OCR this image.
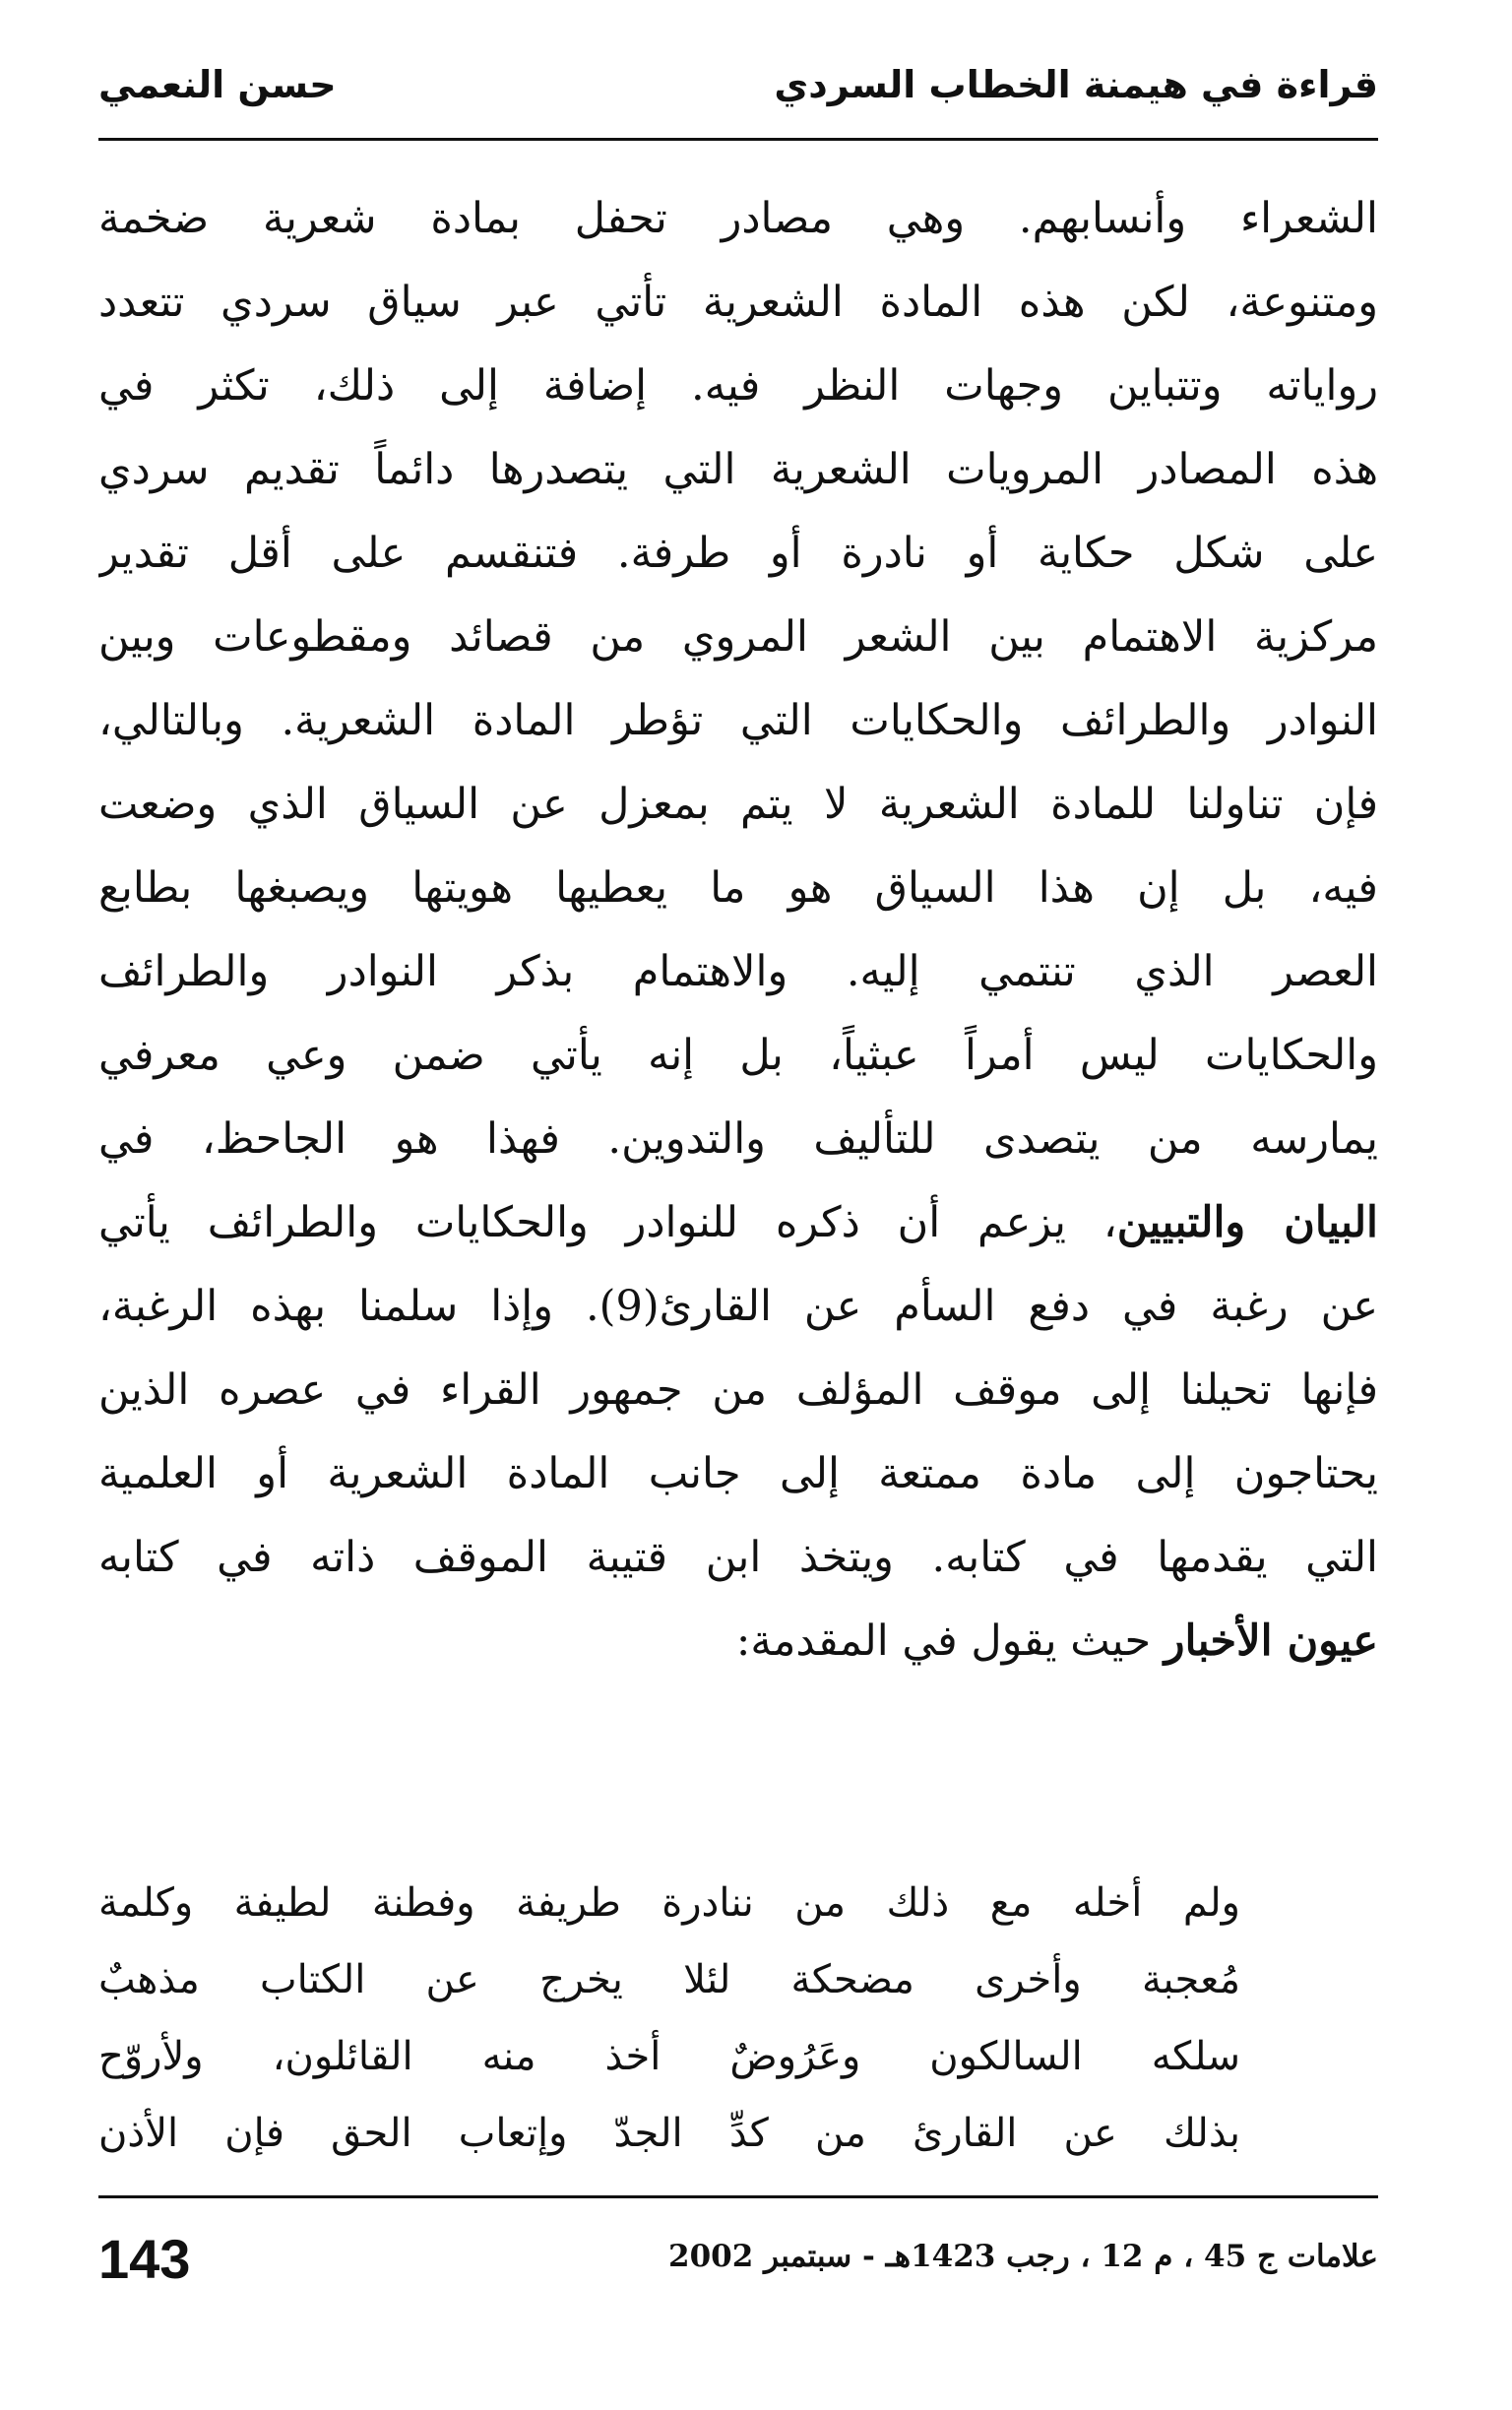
قراءة في هيمنة الخطاب السردي
حسن النعمي
الشعراء وأنسابهم. وهي مصادر تحفل بمادة شعرية ضخمة
ومتنوعة، لكن هذه المادة الشعرية تأتي عبر سياق سردي تتعدد
رواياته وتتباين وجهات النظر فيه. إضافة إلى ذلك، تكثر في
هذه المصادر المرويات الشعرية التي يتصدرها دائماً تقديم سردي
على شكل حكاية أو نادرة أو طرفة. فتنقسم على أقل تقدير
مركزية الاهتمام بين الشعر المروي من قصائد ومقطوعات وبين
النوادر والطرائف والحكايات التي تؤطر المادة الشعرية. وبالتالي،
فإن تناولنا للمادة الشعرية لا يتم بمعزل عن السياق الذي وضعت
فيه، بل إن هذا السياق هو ما يعطيها هويتها ويصبغها بطابع
العصر الذي تنتمي إليه. والاهتمام بذكر النوادر والطرائف
والحكايات ليس أمراً عبثياً، بل إنه يأتي ضمن وعي معرفي
يمارسه من يتصدى للتأليف والتدوين. فهذا هو الجاحظ، في
البيان والتبيين، يزعم أن ذكره للنوادر والحكايات والطرائف يأتي
عن رغبة في دفع السأم عن القارئ(9). وإذا سلمنا بهذه الرغبة،
فإنها تحيلنا إلى موقف المؤلف من جمهور القراء في عصره الذين
يحتاجون إلى مادة ممتعة إلى جانب المادة الشعرية أو العلمية
التي يقدمها في كتابه. ويتخذ ابن قتيبة الموقف ذاته في كتابه
عيون الأخبار حيث يقول في المقدمة:
ولم أخله مع ذلك من ننادرة طريفة وفطنة لطيفة وكلمة
مُعجبة وأخرى مضحكة لئلا يخرج عن الكتاب مذهبٌ
سلكه السالكون وعَرُوضٌ أخذ منه القائلون، ولأروّح
بذلك عن القارئ من كدِّ الجدّ وإتعاب الحق فإن الأذن
143	علامات ج 45 ، م 12 ، رجب 1423هـ - سبتمبر 2002
